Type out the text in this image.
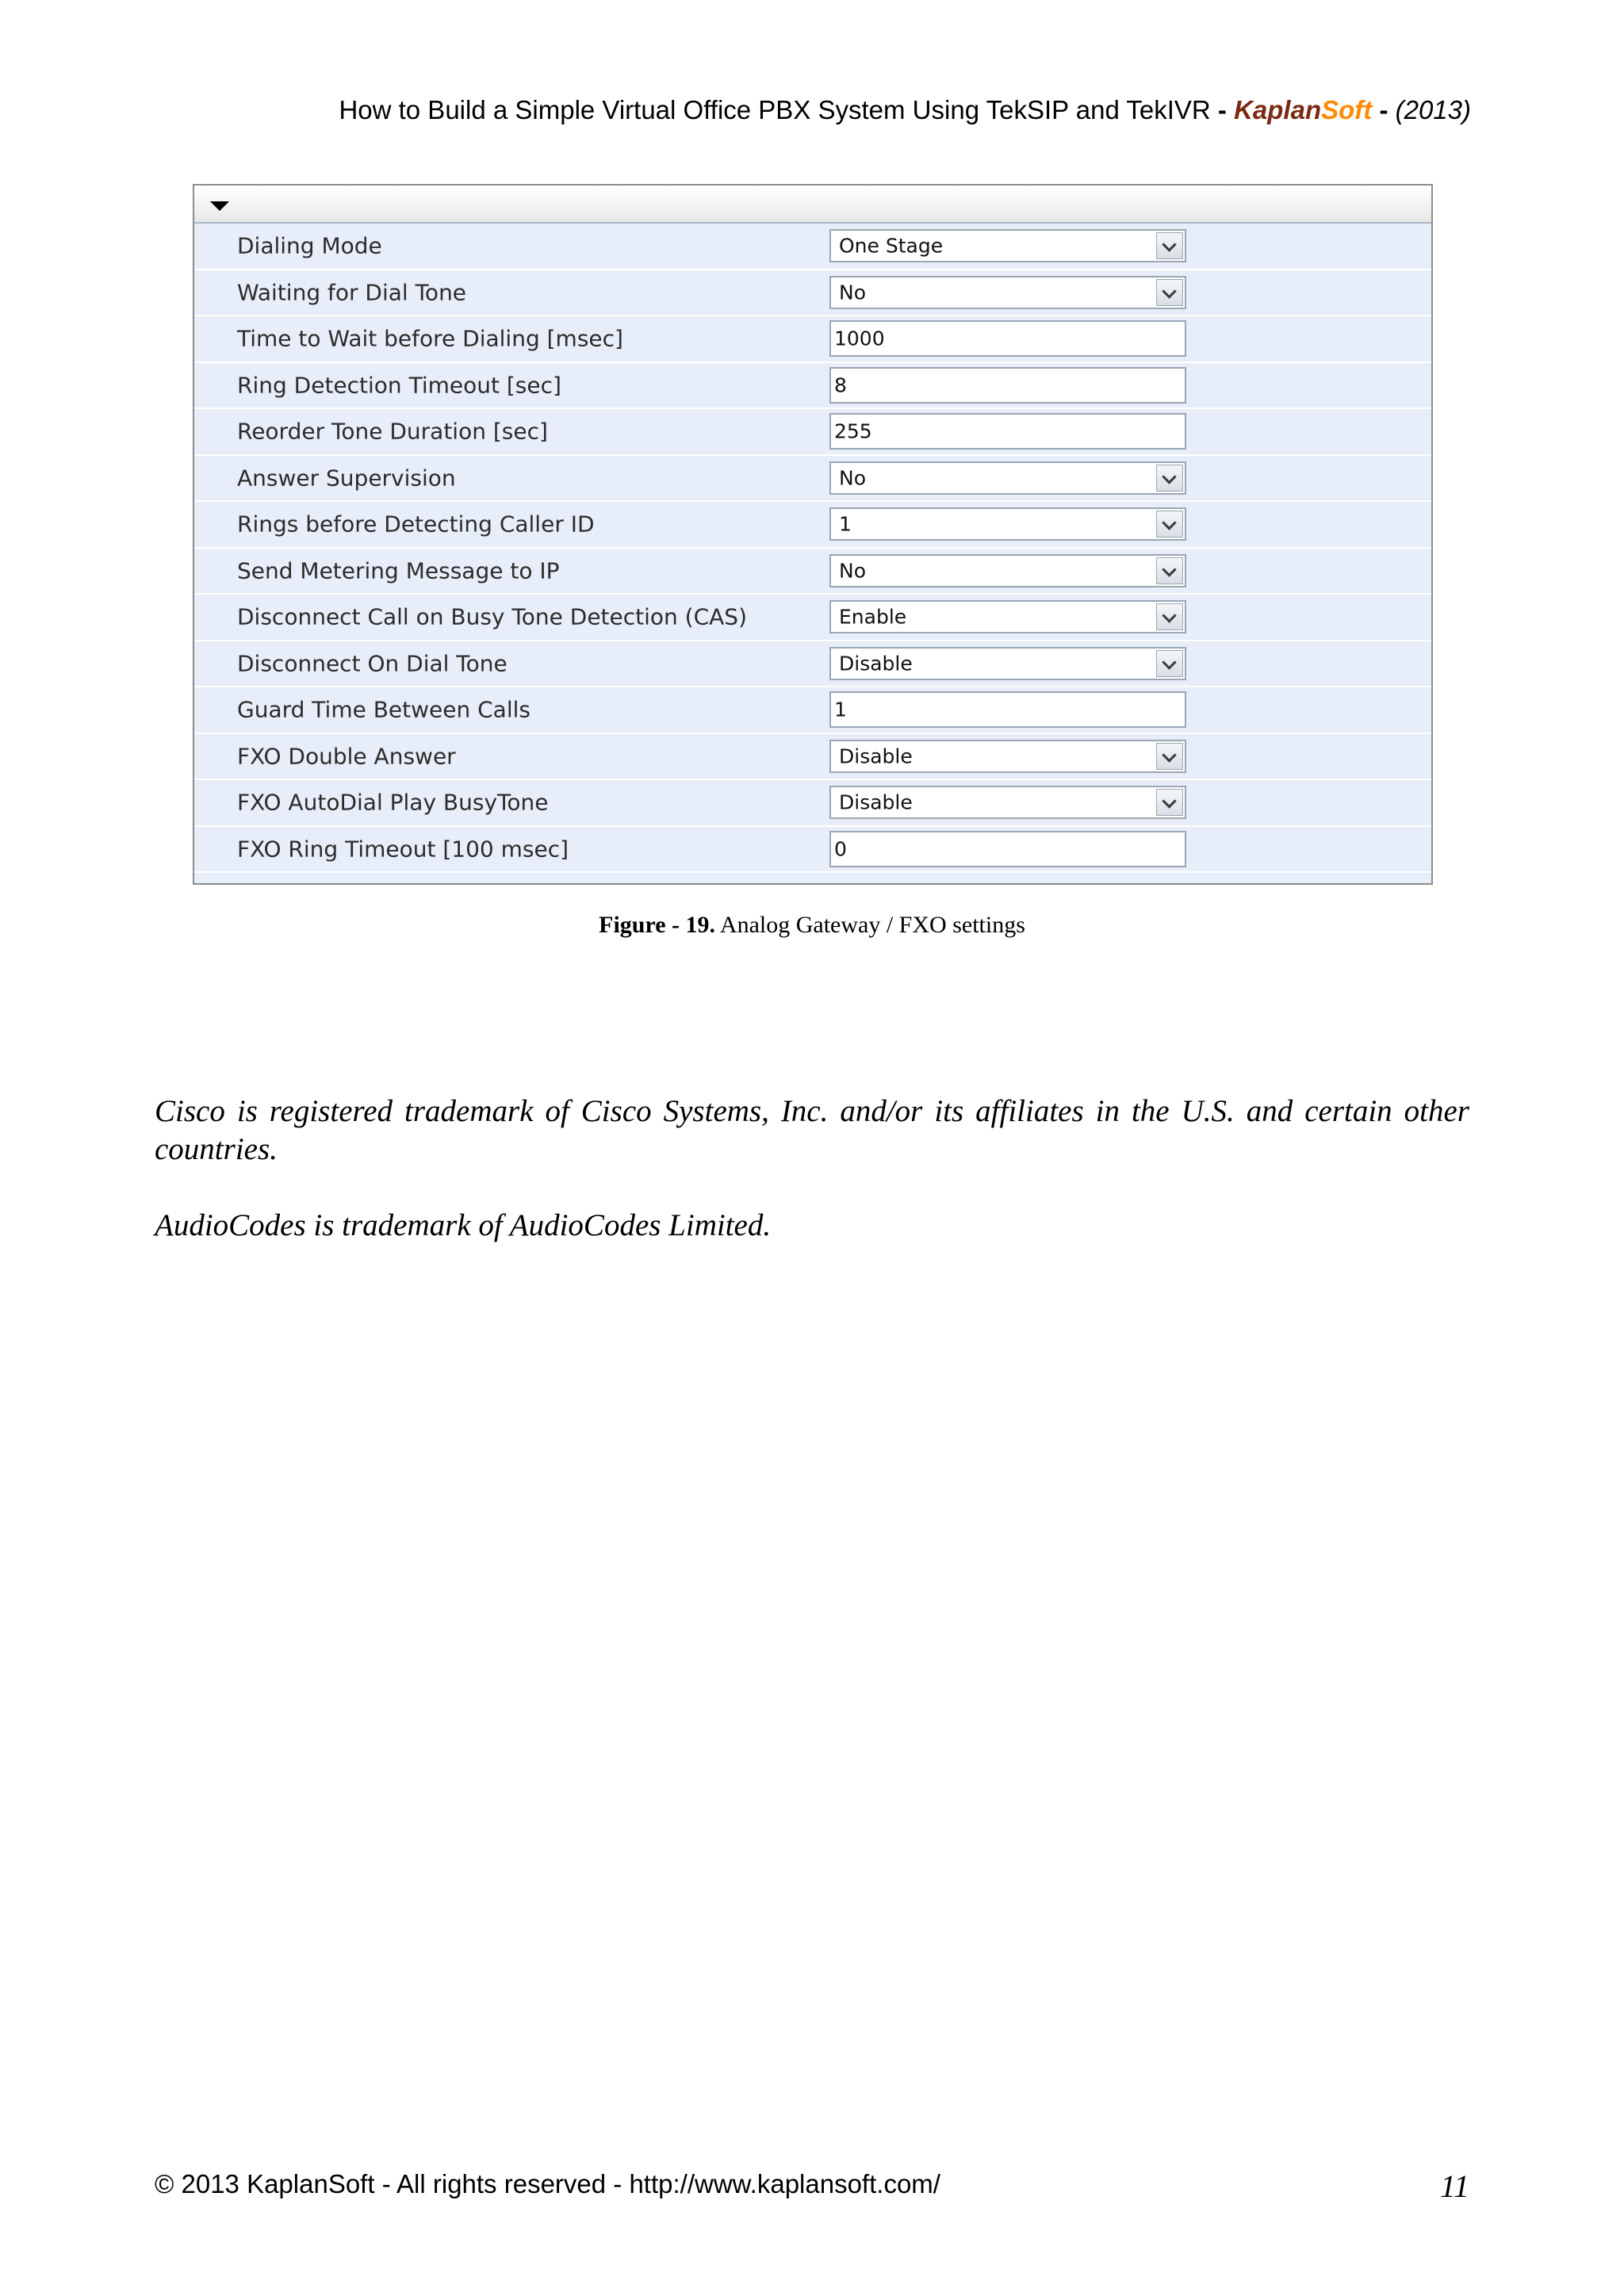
How to Build a Simple Virtual Office PBX System Using TekSIP and TekIVR - KaplanSoft - (2013)
Dialing Mode	One Stage
Waiting for Dial Tone	No
Time to Wait before Dialing [msec]	1000
Ring Detection Timeout [sec]	8
Reorder Tone Duration [sec]	255
Answer Supervision	No
Rings before Detecting Caller ID	1
Send Metering Message to IP	No
Disconnect Call on Busy Tone Detection (CAS)	Enable
Disconnect On Dial Tone	Disable
Guard Time Between Calls	1
FXO Double Answer	Disable
FXO AutoDial Play BusyTone	Disable
FXO Ring Timeout [100 msec]	0
Figure - 19. Analog Gateway / FXO settings
Cisco is registered trademark of Cisco Systems, Inc. and/or its affiliates in the U.S. and certain other countries.
AudioCodes is trademark of AudioCodes Limited.
© 2013 KaplanSoft - All rights reserved - http://www.kaplansoft.com/	11
